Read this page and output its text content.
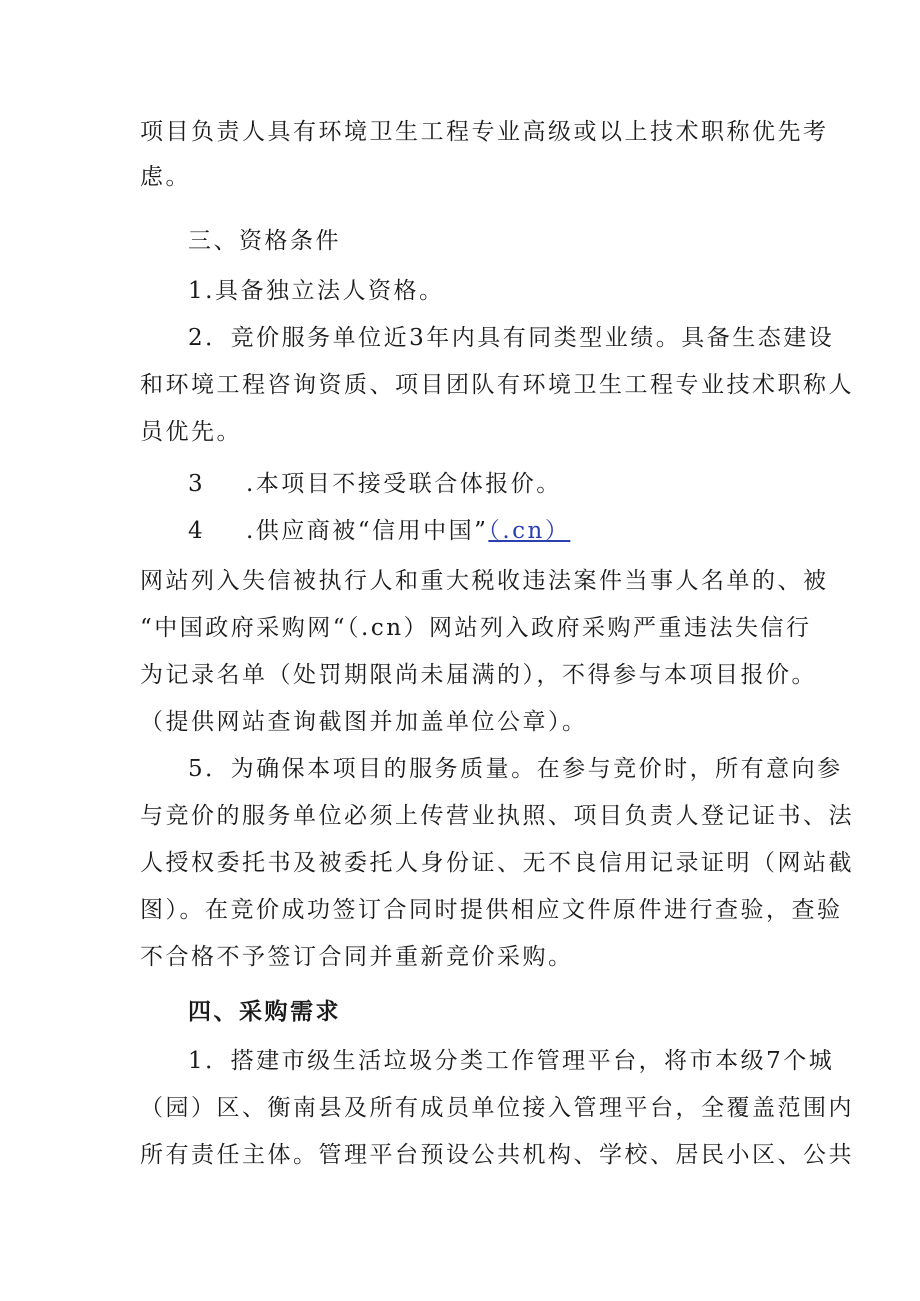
项目负责人具有环境卫生工程专业高级或以上技术职称优先考
虑。
三、资格条件
1.具备独立法人资格。
2．竞价服务单位近3年内具有同类型业绩。具备生态建设
和环境工程咨询资质、项目团队有环境卫生工程专业技术职称人
员优先。
3 .本项目不接受联合体报价。
4 .供应商被“信用中国”（.cn）
网站列入失信被执行人和重大税收违法案件当事人名单的、被
“中国政府采购网“（.cn）网站列入政府采购严重违法失信行
为记录名单（处罚期限尚未届满的），不得参与本项目报价。
（提供网站查询截图并加盖单位公章）。
5．为确保本项目的服务质量。在参与竞价时，所有意向参
与竞价的服务单位必须上传营业执照、项目负责人登记证书、法
人授权委托书及被委托人身份证、无不良信用记录证明（网站截
图）。在竞价成功签订合同时提供相应文件原件进行查验，查验
不合格不予签订合同并重新竞价采购。
四、采购需求
1．搭建市级生活垃圾分类工作管理平台，将市本级7个城
（园）区、衡南县及所有成员单位接入管理平台，全覆盖范围内
所有责任主体。管理平台预设公共机构、学校、居民小区、公共
